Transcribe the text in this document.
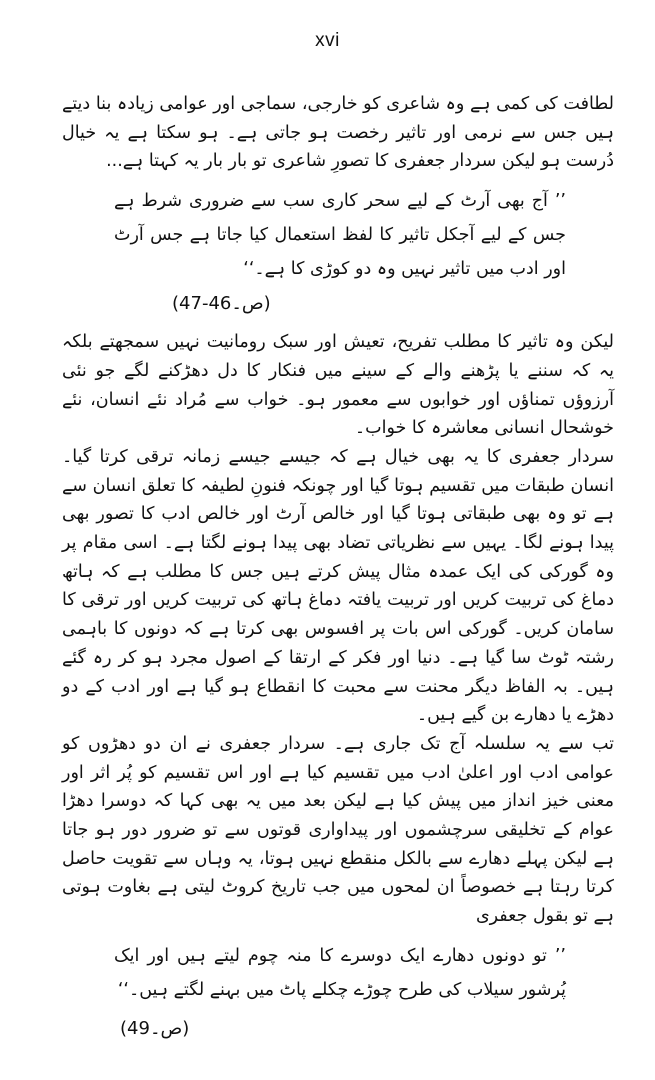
xvi

لطافت کی کمی ہے وہ شاعری کو خارجی، سماجی اور عوامی زیادہ بنا دیتے ہیں جس سے نرمی اور تاثیر رخصت ہو جاتی ہے۔ ہو سکتا ہے یہ خیال دُرست ہو لیکن سردار جعفری کا تصورِ شاعری تو بار بار یہ کہتا ہے...

’’ آج بھی آرٹ کے لیے سحر کاری سب سے ضروری شرط ہے جس کے لیے آجکل تاثیر کا لفظ استعمال کیا جاتا ہے جس آرٹ اور ادب میں تاثیر نہیں وہ دو کوڑی کا ہے۔‘‘

(ص۔46-47)

لیکن وہ تاثیر کا مطلب تفریح، تعیش اور سبک رومانیت نہیں سمجھتے بلکہ یہ کہ سننے یا پڑھنے والے کے سینے میں فنکار کا دل دھڑکنے لگے جو نئی آرزوؤں تمناؤں اور خوابوں سے معمور ہو۔ خواب سے مُراد نئے انسان، نئے خوشحال انسانی معاشرہ کا خواب۔

سردار جعفری کا یہ بھی خیال ہے کہ جیسے جیسے زمانہ ترقی کرتا گیا۔ انسان طبقات میں تقسیم ہوتا گیا اور چونکہ فنونِ لطیفہ کا تعلق انسان سے ہے تو وہ بھی طبقاتی ہوتا گیا اور خالص آرٹ اور خالص ادب کا تصور بھی پیدا ہونے لگا۔ یہیں سے نظریاتی تضاد بھی پیدا ہونے لگتا ہے۔ اسی مقام پر وہ گورکی کی ایک عمدہ مثال پیش کرتے ہیں جس کا مطلب ہے کہ ہاتھ دماغ کی تربیت کریں اور تربیت یافتہ دماغ ہاتھ کی تربیت کریں اور ترقی کا سامان کریں۔ گورکی اس بات پر افسوس بھی کرتا ہے کہ دونوں کا باہمی رشتہ ٹوٹ سا گیا ہے۔ دنیا اور فکر کے ارتقا کے اصول مجرد ہو کر رہ گئے ہیں۔ بہ الفاظ دیگر محنت سے محبت کا انقطاع ہو گیا ہے اور ادب کے دو دھڑے یا دھارے بن گیے ہیں۔

تب سے یہ سلسلہ آج تک جاری ہے۔ سردار جعفری نے ان دو دھڑوں کو عوامی ادب اور اعلیٰ ادب میں تقسیم کیا ہے اور اس تقسیم کو پُر اثر اور معنی خیز انداز میں پیش کیا ہے لیکن بعد میں یہ بھی کہا کہ دوسرا دھڑا عوام کے تخلیقی سرچشموں اور پیداواری قوتوں سے تو ضرور دور ہو جاتا ہے لیکن پہلے دھارے سے بالکل منقطع نہیں ہوتا، یہ وہاں سے تقویت حاصل کرتا رہتا ہے خصوصاً ان لمحوں میں جب تاریخ کروٹ لیتی ہے بغاوت ہوتی ہے تو بقول جعفری

’’ تو دونوں دھارے ایک دوسرے کا منہ چوم لیتے ہیں اور ایک پُرشور سیلاب کی طرح چوڑے چکلے پاٹ میں بہنے لگتے ہیں۔‘‘

(ص۔49)
